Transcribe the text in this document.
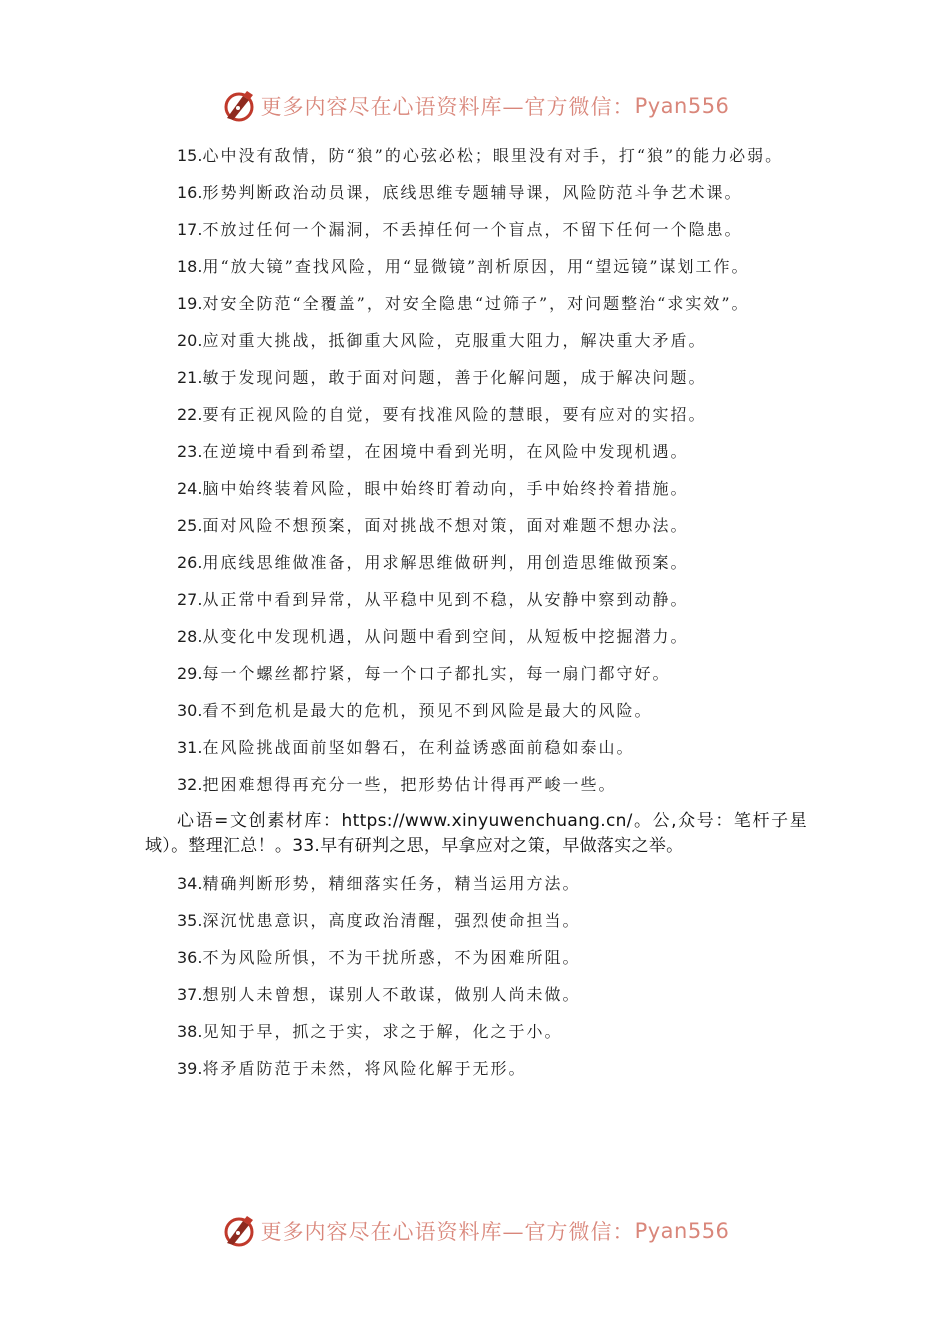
更多内容尽在心语资料库—官方微信： Pyan556

15.心中没有敌情，防“狼”的心弦必松；眼里没有对手，打“狼”的能力必弱。

16.形势判断政治动员课，底线思维专题辅导课，风险防范斗争艺术课。

17.不放过任何一个漏洞，不丢掉任何一个盲点，不留下任何一个隐患。

18.用“放大镜”查找风险，用“显微镜”剖析原因，用“望远镜”谋划工作。

19.对安全防范“全覆盖”，对安全隐患“过筛子”，对问题整治“求实效”。

20.应对重大挑战，抵御重大风险，克服重大阻力，解决重大矛盾。

21.敏于发现问题，敢于面对问题，善于化解问题，成于解决问题。

22.要有正视风险的自觉，要有找准风险的慧眼，要有应对的实招。

23.在逆境中看到希望，在困境中看到光明，在风险中发现机遇。

24.脑中始终装着风险，眼中始终盯着动向，手中始终拎着措施。

25.面对风险不想预案，面对挑战不想对策，面对难题不想办法。

26.用底线思维做准备，用求解思维做研判，用创造思维做预案。

27.从正常中看到异常，从平稳中见到不稳，从安静中察到动静。

28.从变化中发现机遇，从问题中看到空间，从短板中挖掘潜力。

29.每一个螺丝都拧紧，每一个口子都扎实，每一扇门都守好。

30.看不到危机是最大的危机，预见不到风险是最大的风险。

31.在风险挑战面前坚如磐石，在利益诱惑面前稳如泰山。

32.把困难想得再充分一些，把形势估计得再严峻一些。

心语=文创素材库：https://www.xinyuwenchuang.cn/。公,众号：笔杆子星域）。整理汇总！。33.早有研判之思，早拿应对之策，早做落实之举。

34.精确判断形势，精细落实任务，精当运用方法。

35.深沉忧患意识，高度政治清醒，强烈使命担当。

36.不为风险所惧，不为干扰所惑，不为困难所阻。

37.想别人未曾想，谋别人不敢谋，做别人尚未做。

38.见知于早，抓之于实，求之于解，化之于小。

39.将矛盾防范于未然，将风险化解于无形。

更多内容尽在心语资料库—官方微信： Pyan556
